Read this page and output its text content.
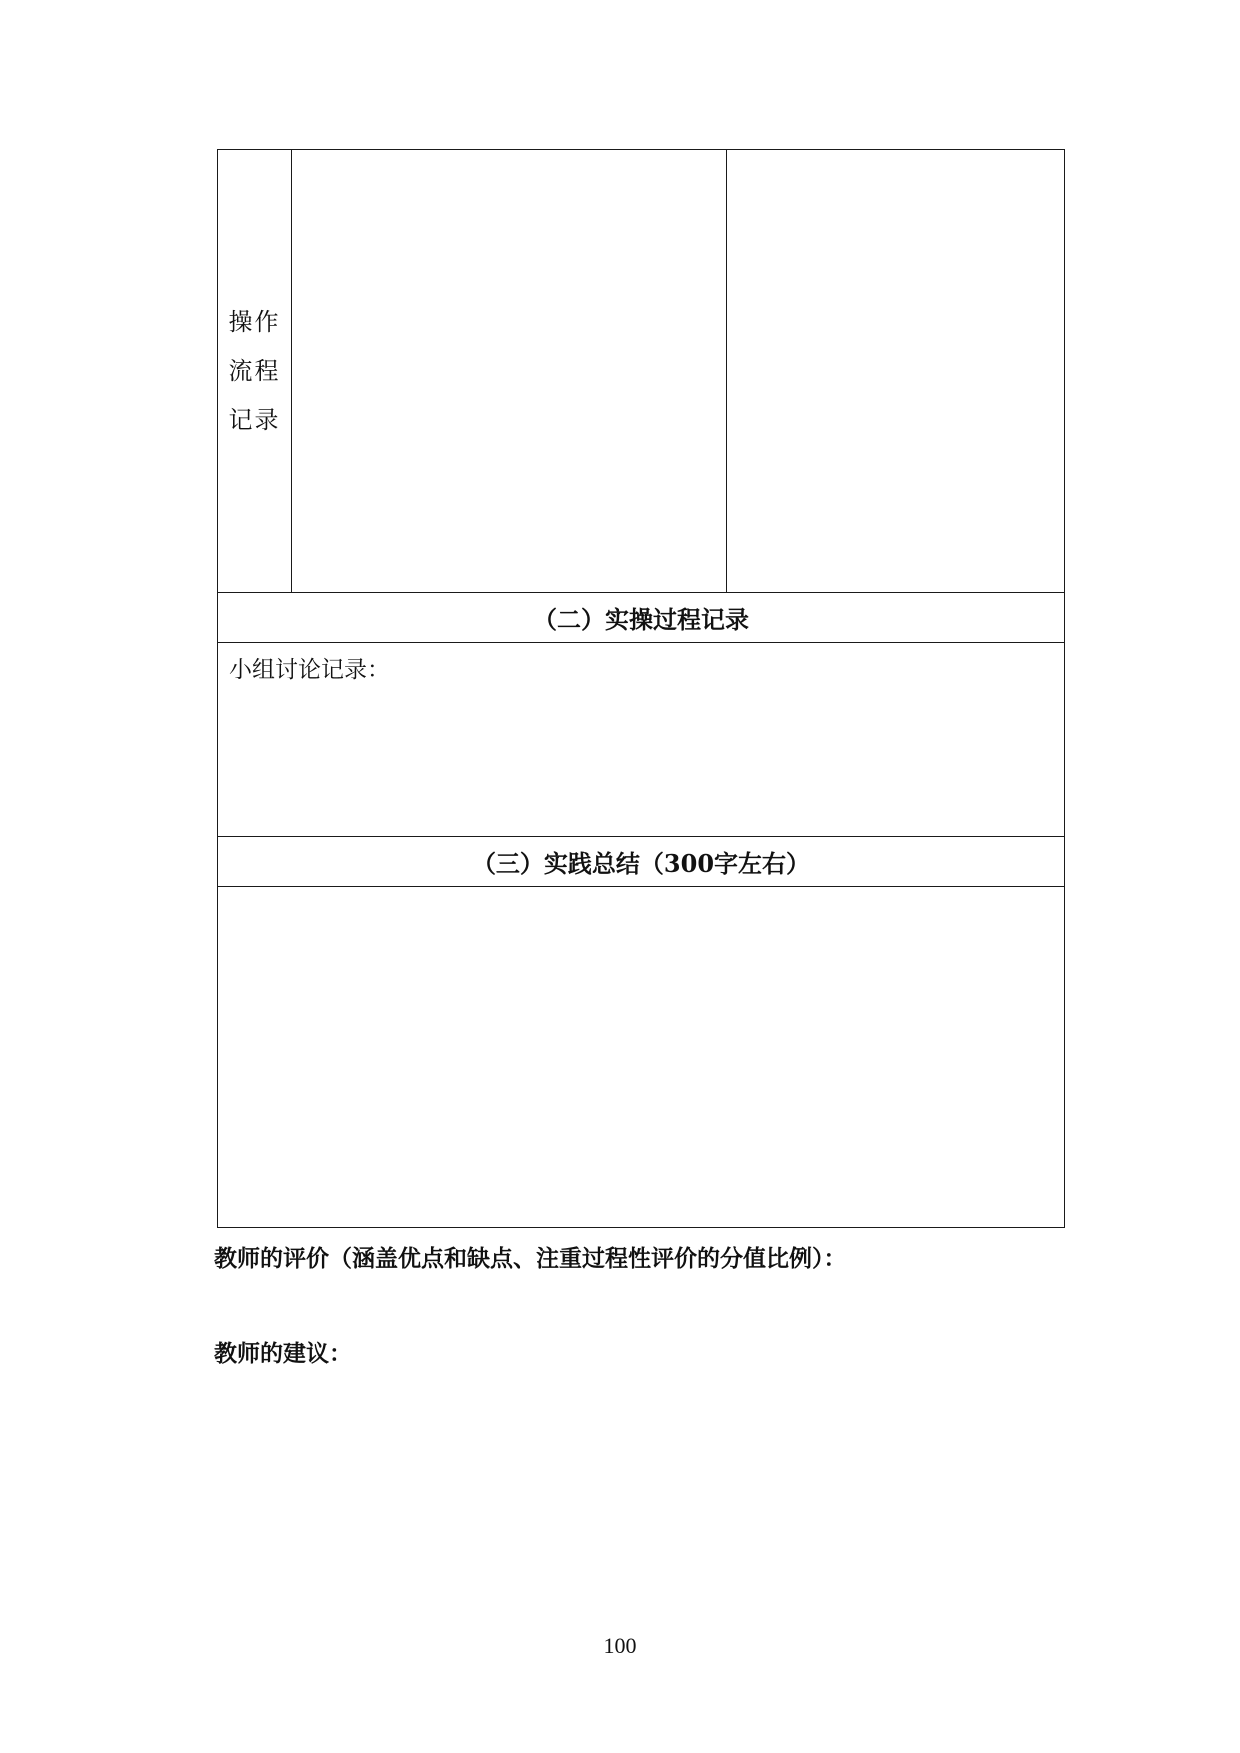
操作
流程
记录

（二）实操过程记录
小组讨论记录：
（三）实践总结（300字左右）

教师的评价（涵盖优点和缺点、注重过程性评价的分值比例）：
教师的建议：
100
